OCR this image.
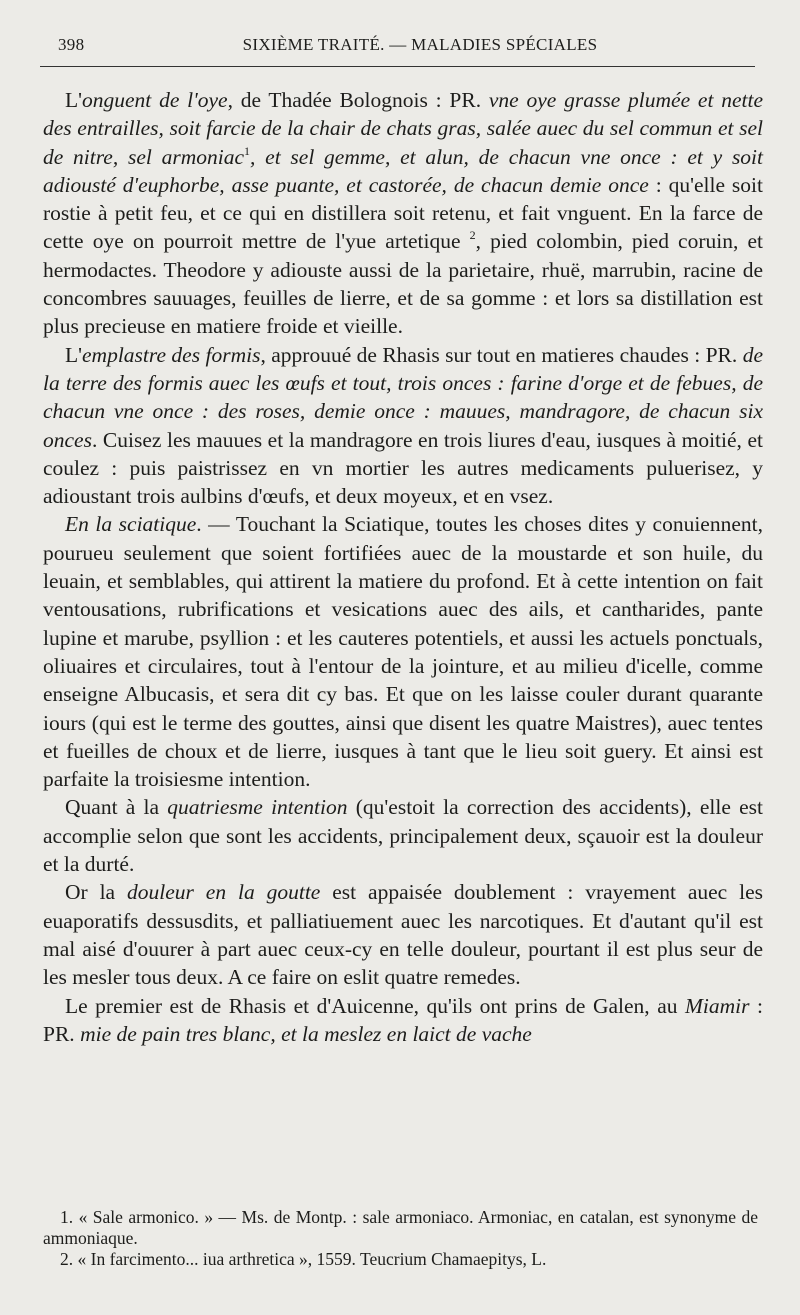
398	SIXIÈME TRAITÉ. — MALADIES SPÉCIALES

L'onguent de l'oye, de Thadée Bolognois : PR. vne oye grasse plumée et nette des entrailles, soit farcie de la chair de chats gras, salée auec du sel commun et sel de nitre, sel armoniac$^1$, et sel gemme, et alun, de chacun vne once : et y soit adiousté d'euphorbe, asse puante, et castorée, de chacun demie once : qu'elle soit rostie à petit feu, et ce qui en distillera soit retenu, et fait vnguent. En la farce de cette oye on pourroit mettre de l'yue artetique $^2$, pied colombin, pied coruin, et hermodactes. Theodore y adiouste aussi de la parietaire, rhuë, marrubin, racine de concombres sauuages, feuilles de lierre, et de sa gomme : et lors sa distillation est plus precieuse en matiere froide et vieille.

L'emplastre des formis, approuué de Rhasis sur tout en matieres chaudes : PR. de la terre des formis auec les œufs et tout, trois onces : farine d'orge et de febues, de chacun vne once : des roses, demie once : mauues, mandragore, de chacun six onces. Cuisez les mauues et la mandragore en trois liures d'eau, iusques à moitié, et coulez : puis paistrissez en vn mortier les autres medicaments puluerisez, y adioustant trois aulbins d'œufs, et deux moyeux, et en vsez.

En la sciatique. — Touchant la Sciatique, toutes les choses dites y conuiennent, pourueu seulement que soient fortifiées auec de la moustarde et son huile, du leuain, et semblables, qui attirent la matiere du profond. Et à cette intention on fait ventousations, rubrifications et vesications auec des ails, et cantharides, pante lupine et marube, psyllion : et les cauteres potentiels, et aussi les actuels ponctuals, oliuaires et circulaires, tout à l'entour de la jointure, et au milieu d'icelle, comme enseigne Albucasis, et sera dit cy bas. Et que on les laisse couler durant quarante iours (qui est le terme des gouttes, ainsi que disent les quatre Maistres), auec tentes et fueilles de choux et de lierre, iusques à tant que le lieu soit guery. Et ainsi est parfaite la troisiesme intention.

Quant à la quatriesme intention (qu'estoit la correction des accidents), elle est accomplie selon que sont les accidents, principalement deux, sçauoir est la douleur et la durté.

Or la douleur en la goutte est appaisée doublement : vrayement auec les euaporatifs dessusdits, et palliatiuement auec les narcotiques. Et d'autant qu'il est mal aisé d'ouurer à part auec ceux-cy en telle douleur, pourtant il est plus seur de les mesler tous deux. A ce faire on eslit quatre remedes.

Le premier est de Rhasis et d'Auicenne, qu'ils ont prins de Galen, au Miamir : PR. mie de pain tres blanc, et la meslez en laict de vache

1. « Sale armonico. » — Ms. de Montp. : sale armoniaco. Armoniac, en catalan, est synonyme de ammoniaque.

2. « In farcimento... iua arthretica », 1559. Teucrium Chamaepitys, L.
